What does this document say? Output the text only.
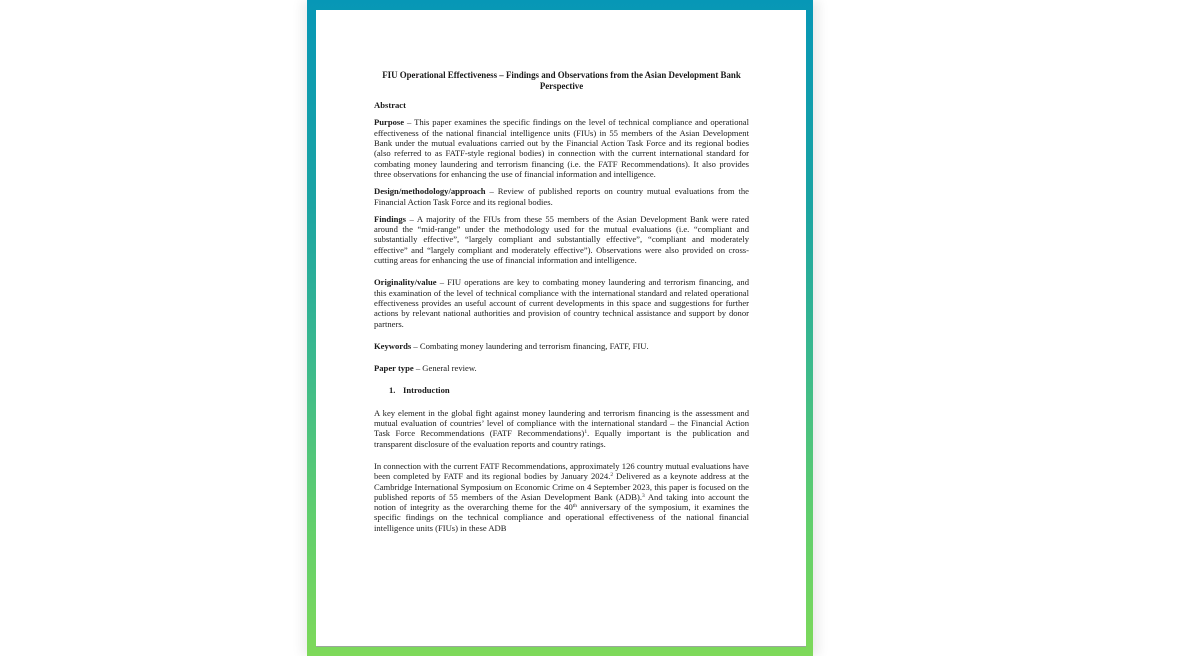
FIU Operational Effectiveness – Findings and Observations from the Asian Development Bank Perspective
Abstract

Purpose – This paper examines the specific findings on the level of technical compliance and operational effectiveness of the national financial intelligence units (FIUs) in 55 members of the Asian Development Bank under the mutual evaluations carried out by the Financial Action Task Force and its regional bodies (also referred to as FATF-style regional bodies) in connection with the current international standard for combating money laundering and terrorism financing (i.e. the FATF Recommendations). It also provides three observations for enhancing the use of financial information and intelligence.

Design/methodology/approach – Review of published reports on country mutual evaluations from the Financial Action Task Force and its regional bodies.

Findings – A majority of the FIUs from these 55 members of the Asian Development Bank were rated around the “mid-range” under the methodology used for the mutual evaluations (i.e. “compliant and substantially effective”, “largely compliant and substantially effective”, “compliant and moderately effective” and “largely compliant and moderately effective”). Observations were also provided on cross-cutting areas for enhancing the use of financial information and intelligence.

Originality/value – FIU operations are key to combating money laundering and terrorism financing, and this examination of the level of technical compliance with the international standard and related operational effectiveness provides an useful account of current developments in this space and suggestions for further actions by relevant national authorities and provision of country technical assistance and support by donor partners.

Keywords – Combating money laundering and terrorism financing, FATF, FIU.

Paper type – General review.

1. Introduction

A key element in the global fight against money laundering and terrorism financing is the assessment and mutual evaluation of countries’ level of compliance with the international standard – the Financial Action Task Force Recommendations (FATF Recommendations)$^1$. Equally important is the publication and transparent disclosure of the evaluation reports and country ratings.

In connection with the current FATF Recommendations, approximately 126 country mutual evaluations have been completed by FATF and its regional bodies by January 2024.$^2$ Delivered as a keynote address at the Cambridge International Symposium on Economic Crime on 4 September 2023, this paper is focused on the published reports of 55 members of the Asian Development Bank (ADB).$^3$ And taking into account the notion of integrity as the overarching theme for the 40th anniversary of the symposium, it examines the specific findings on the technical compliance and operational effectiveness of the national financial intelligence units (FIUs) in these ADB
